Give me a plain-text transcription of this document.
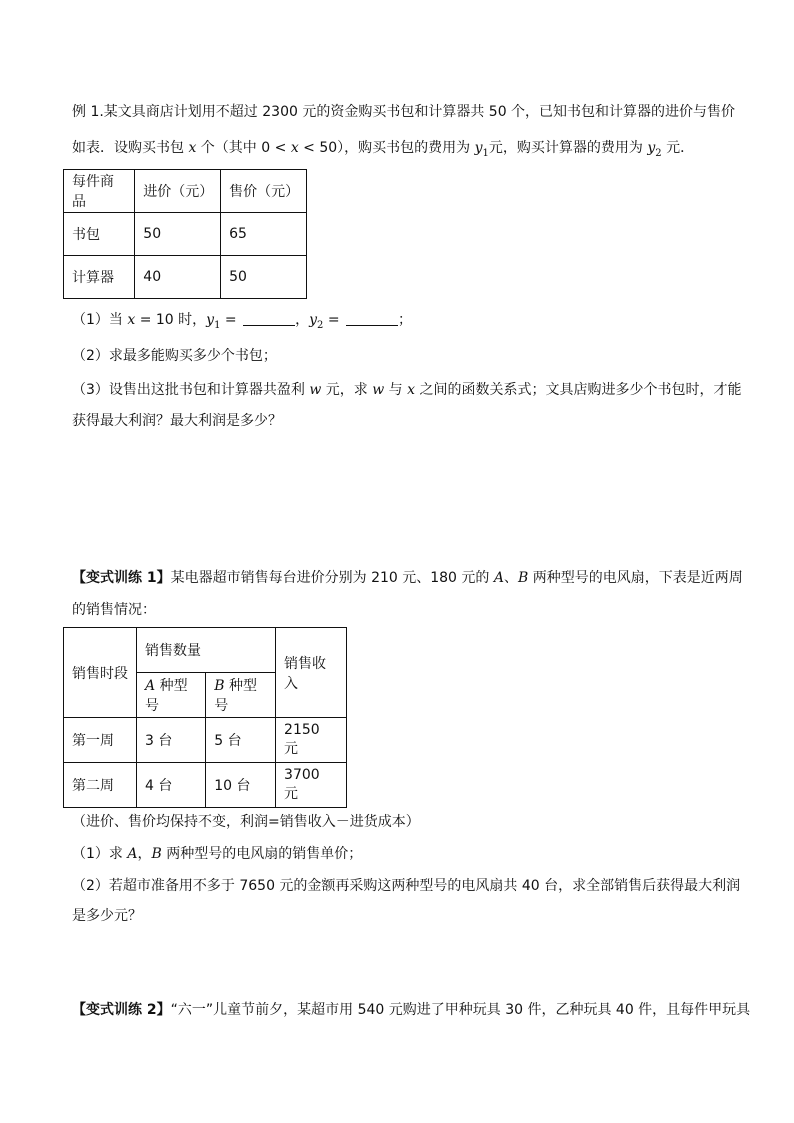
例 1.某文具商店计划用不超过 2300 元的资金购买书包和计算器共 50 个，已知书包和计算器的进价与售价
如表．设购买书包 x 个（其中 0 < x < 50），购买书包的费用为 $y_1$元，购买计算器的费用为 $y_2$ 元．
每件商品	进价（元）	售价（元）
书包	50	65
计算器	40	50
（1）当 x = 10 时，$y_1$ =	，$y_2$ =	；
（2）求最多能购买多少个书包；
（3）设售出这批书包和计算器共盈利 w 元，求 w 与 x 之间的函数关系式；文具店购进多少个书包时，才能
获得最大利润？最大利润是多少？
【变式训练 1】某电器超市销售每台进价分别为 210 元、180 元的 A、B 两种型号的电风扇，下表是近两周
的销售情况：
销售时段	销售数量		销售收入
	A 种型号	B 种型号	
第一周	3 台	5 台	2150 元
第二周	4 台	10 台	3700 元
（进价、售价均保持不变，利润=销售收入－进货成本）
（1）求 A，B 两种型号的电风扇的销售单价；
（2）若超市准备用不多于 7650 元的金额再采购这两种型号的电风扇共 40 台，求全部销售后获得最大利润
是多少元？
【变式训练 2】“六一”儿童节前夕，某超市用 540 元购进了甲种玩具 30 件，乙种玩具 40 件，且每件甲玩具
